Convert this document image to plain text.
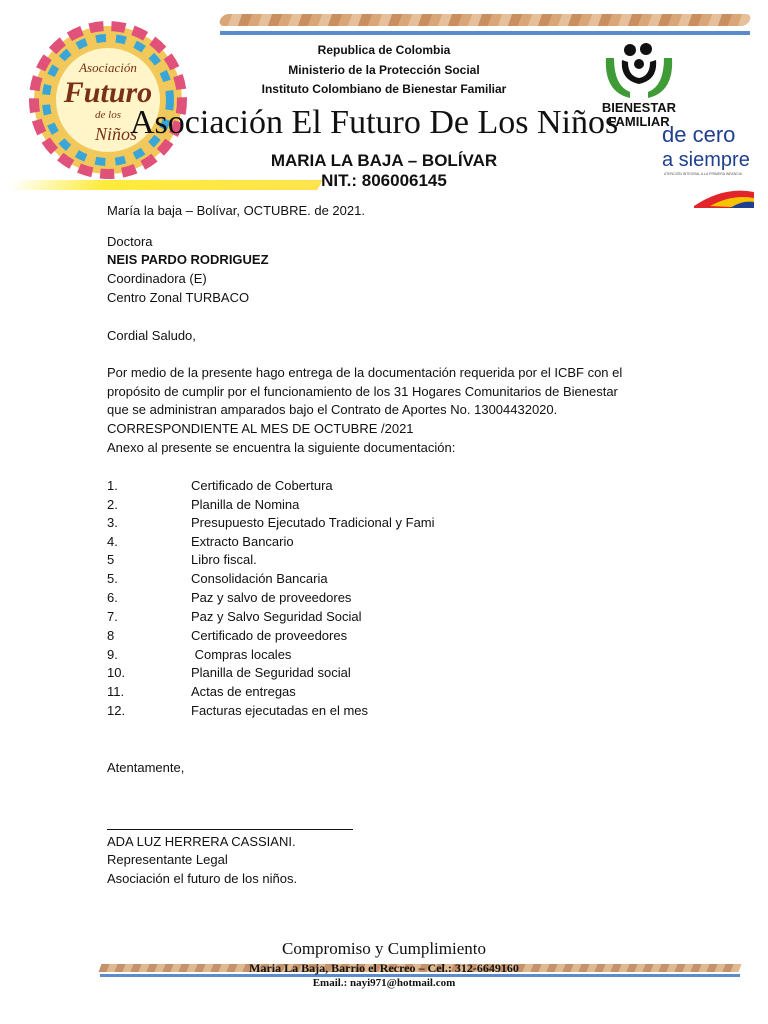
Asociación
Futuro
de los
Niños
Republica de Colombia
Ministerio de la Protección Social
Instituto Colombiano de Bienestar Familiar
BIENESTAR
FAMILIAR
de cero
a siempre
ATENCIÓN INTEGRAL A LA PRIMERA INFANCIA
Asociación El Futuro De Los Niños
MARIA LA BAJA – BOLÍVAR
NIT.: 806006145
María la baja – Bolívar, OCTUBRE. de 2021.
Doctora
NEIS PARDO RODRIGUEZ
Coordinadora (E)
Centro Zonal TURBACO
Cordial Saludo,
Por medio de la presente hago entrega de la documentación requerida por el ICBF con el
propósito de cumplir por el funcionamiento de los 31 Hogares Comunitarios de Bienestar
que se administran amparados bajo el Contrato de Aportes No. 13004432020.
CORRESPONDIENTE AL MES DE OCTUBRE /2021
Anexo al presente se encuentra la siguiente documentación:
1.	Certificado de Cobertura
2.	Planilla de Nomina
3.	Presupuesto Ejecutado Tradicional y Fami
4.	Extracto Bancario
5	Libro fiscal.
5.	Consolidación Bancaria
6.	Paz y salvo de proveedores
7.	Paz y Salvo Seguridad Social
8	Certificado de proveedores
9.	Compras locales
10.	Planilla de Seguridad social
11.	Actas de entregas
12.	Facturas ejecutadas en el mes
Atentamente,
ADA LUZ HERRERA CASSIANI.
Representante Legal
Asociación el futuro de los niños.
Compromiso y Cumplimiento
Maria La Baja, Barrio el Recreo – Cel.: 312-6649160
Email.: nayi971@hotmail.com
